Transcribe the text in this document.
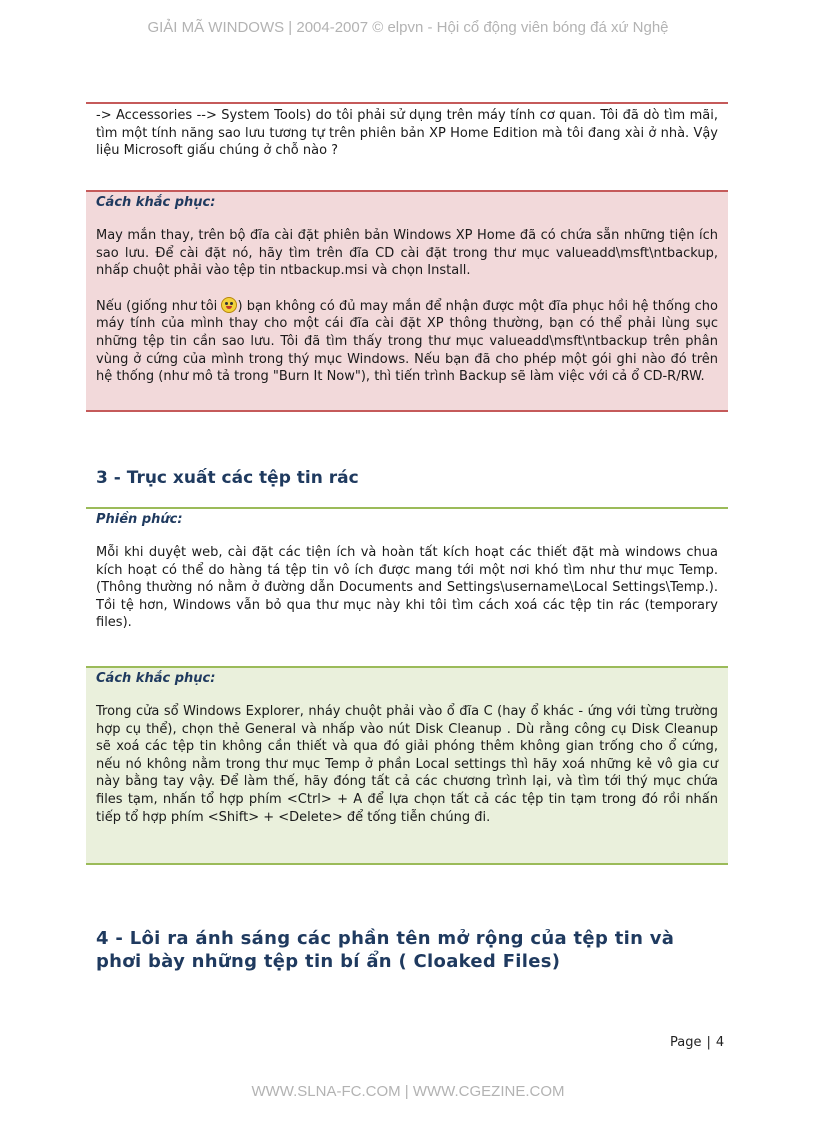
GIẢI MÃ WINDOWS | 2004-2007 © elpvn - Hội cổ động viên bóng đá xứ Nghệ

-> Accessories --> System Tools) do tôi phải sử dụng trên máy tính cơ quan. Tôi đã dò tìm mãi, tìm một tính năng sao lưu tương tự trên phiên bản XP Home Edition mà tôi đang xài ở nhà. Vậy liệu Microsoft giấu chúng ở chỗ nào ?

Cách khắc phục:

May mắn thay, trên bộ đĩa cài đặt phiên bản Windows XP Home đã có chứa sẵn những tiện ích sao lưu. Để cài đặt nó, hãy tìm trên đĩa CD cài đặt trong thư mục valueadd\msft\ntbackup, nhấp chuột phải vào tệp tin ntbackup.msi và chọn Install.

Nếu (giống như tôi ) bạn không có đủ may mắn để nhận được một đĩa phục hồi hệ thống cho máy tính của mình thay cho một cái đĩa cài đặt XP thông thường, bạn có thể phải lùng sục những tệp tin cần sao lưu. Tôi đã tìm thấy trong thư mục valueadd\msft\ntbackup trên phân vùng ở cứng của mình trong thý mục Windows. Nếu bạn đã cho phép một gói ghi nào đó trên hệ thống (như mô tả trong "Burn It Now"), thì tiến trình Backup sẽ làm việc với cả ổ CD-R/RW.

3 - Trục xuất các tệp tin rác

Phiền phức:

Mỗi khi duyệt web, cài đặt các tiện ích và hoàn tất kích hoạt các thiết đặt mà windows chua kích hoạt có thể do hàng tá tệp tin vô ích được mang tới một nơi khó tìm như thư mục Temp. (Thông thường nó nằm ở đường dẫn Documents and Settings\username\Local Settings\Temp.). Tồi tệ hơn, Windows vẫn bỏ qua thư mục này khi tôi tìm cách xoá các tệp tin rác (temporary files).

Cách khắc phục:

Trong cửa sổ Windows Explorer, nháy chuột phải vào ổ đĩa C (hay ổ khác - ứng với từng trường hợp cụ thể), chọn thẻ General và nhấp vào nút Disk Cleanup . Dù rằng công cụ Disk Cleanup sẽ xoá các tệp tin không cần thiết và qua đó giải phóng thêm không gian trống cho ổ cứng, nếu nó không nằm trong thư mục Temp ở phần Local settings thì hãy xoá những kẻ vô gia cư này bằng tay vậy. Để làm thế, hãy đóng tất cả các chương trình lại, và tìm tới thý mục chứa files tạm, nhấn tổ hợp phím <Ctrl> + A để lựa chọn tất cả các tệp tin tạm trong đó rồi nhấn tiếp tổ hợp phím <Shift> + <Delete> để tống tiễn chúng đi.

4 - Lôi ra ánh sáng các phần tên mở rộng của tệp tin và phơi bày những tệp tin bí ẩn ( Cloaked Files)
Page | 4
WWW.SLNA-FC.COM | WWW.CGEZINE.COM
